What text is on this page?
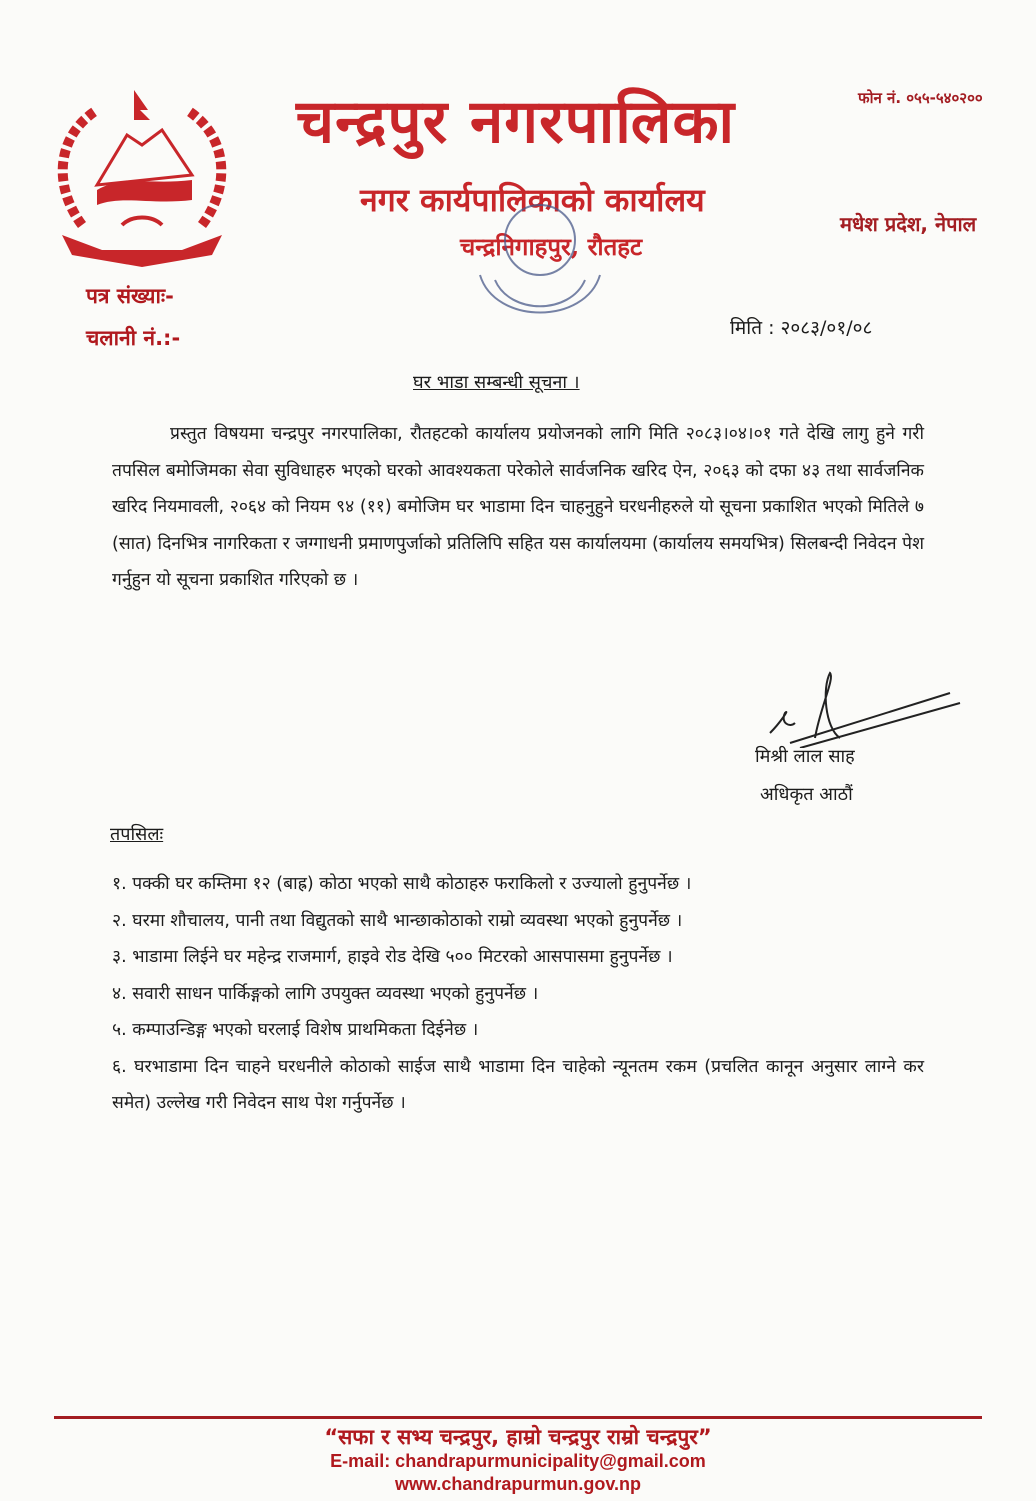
चन्द्रपुर नगरपालिका	फोन नं. ०५५-५४०२००
नगर कार्यपालिकाको कार्यालय
मधेश प्रदेश, नेपाल
चन्द्रनिगाहपुर, रौतहट
पत्र संख्याः-
चलानी नं.:-	मिति : २०८३/०१/०८
घर भाडा सम्बन्धी सूचना ।
प्रस्तुत विषयमा चन्द्रपुर नगरपालिका, रौतहटको कार्यालय प्रयोजनको लागि मिति २०८३।०४।०१ गते देखि लागु हुने गरी तपसिल बमोजिमका सेवा सुविधाहरु भएको घरको आवश्यकता परेकोले सार्वजनिक खरिद ऐन, २०६३ को दफा ४३ तथा सार्वजनिक खरिद नियमावली, २०६४ को नियम ९४ (११) बमोजिम घर भाडामा दिन चाहनुहुने घरधनीहरुले यो सूचना प्रकाशित भएको मितिले ७ (सात) दिनभित्र नागरिकता र जग्गाधनी प्रमाणपुर्जाको प्रतिलिपि सहित यस कार्यालयमा (कार्यालय समयभित्र) सिलबन्दी निवेदन पेश गर्नुहुन यो सूचना प्रकाशित गरिएको छ ।
मिश्री लाल साह
अधिकृत आठौं
तपसिलः
१. पक्की घर कम्तिमा १२ (बाह्र) कोठा भएको साथै कोठाहरु फराकिलो र उज्यालो हुनुपर्नेछ ।
२. घरमा शौचालय, पानी तथा विद्युतको साथै भान्छाकोठाको राम्रो व्यवस्था भएको हुनुपर्नेछ ।
३. भाडामा लिईने घर महेन्द्र राजमार्ग, हाइवे रोड देखि ५०० मिटरको आसपासमा हुनुपर्नेछ ।
४. सवारी साधन पार्किङ्गको लागि उपयुक्त व्यवस्था भएको हुनुपर्नेछ ।
५. कम्पाउन्डिङ्ग भएको घरलाई विशेष प्राथमिकता दिईनेछ ।
६. घरभाडामा दिन चाहने घरधनीले कोठाको साईज साथै भाडामा दिन चाहेको न्यूनतम रकम (प्रचलित कानून अनुसार लाग्ने कर समेत) उल्लेख गरी निवेदन साथ पेश गर्नुपर्नेछ ।
“सफा र सभ्य चन्द्रपुर, हाम्रो चन्द्रपुर राम्रो चन्द्रपुर”
E-mail: chandrapurmunicipality@gmail.com
www.chandrapurmun.gov.np
